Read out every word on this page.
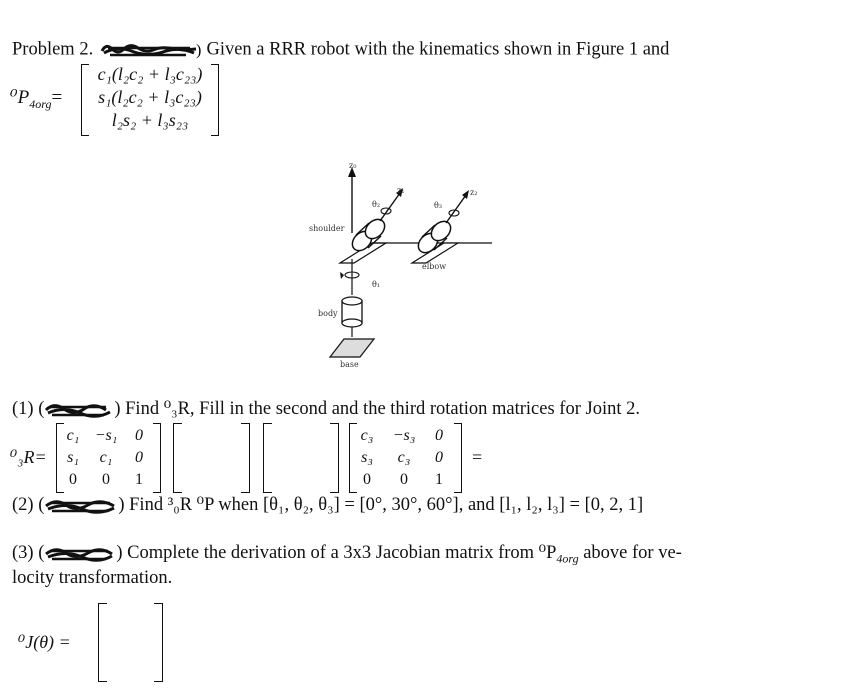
Problem 2.	) Given a RRR robot with the kinematics shown in Figure 1 and
$^0P_{4org}=$
c₁(l₂c₂ + l₃c₂₃)
s₁(l₂c₂ + l₃c₂₃)
l₂s₂ + l₃s₂₃
z₀
θ₂
z₁
θ₃
z₂
shoulder
elbow
θ₁
body
base
(1) (	) Find ⁰₃R, Fill in the second and the third rotation matrices for Joint 2.
⁰₃R=
c₁ −s₁	0
s₁	c₁	0
0	0	1
c₃	−s₃	0
s₃	c₃	0
0	0	1
=
(2) (	) Find ³₀R ⁰P when [θ₁, θ₂, θ₃] = [0°, 30°, 60°], and [l₁, l₂, l₃] = [0, 2, 1]
(3) (	) Complete the derivation of a 3x3 Jacobian matrix from $^0P_{4org}$ above for ve-
locity transformation.
⁰J(θ) =
